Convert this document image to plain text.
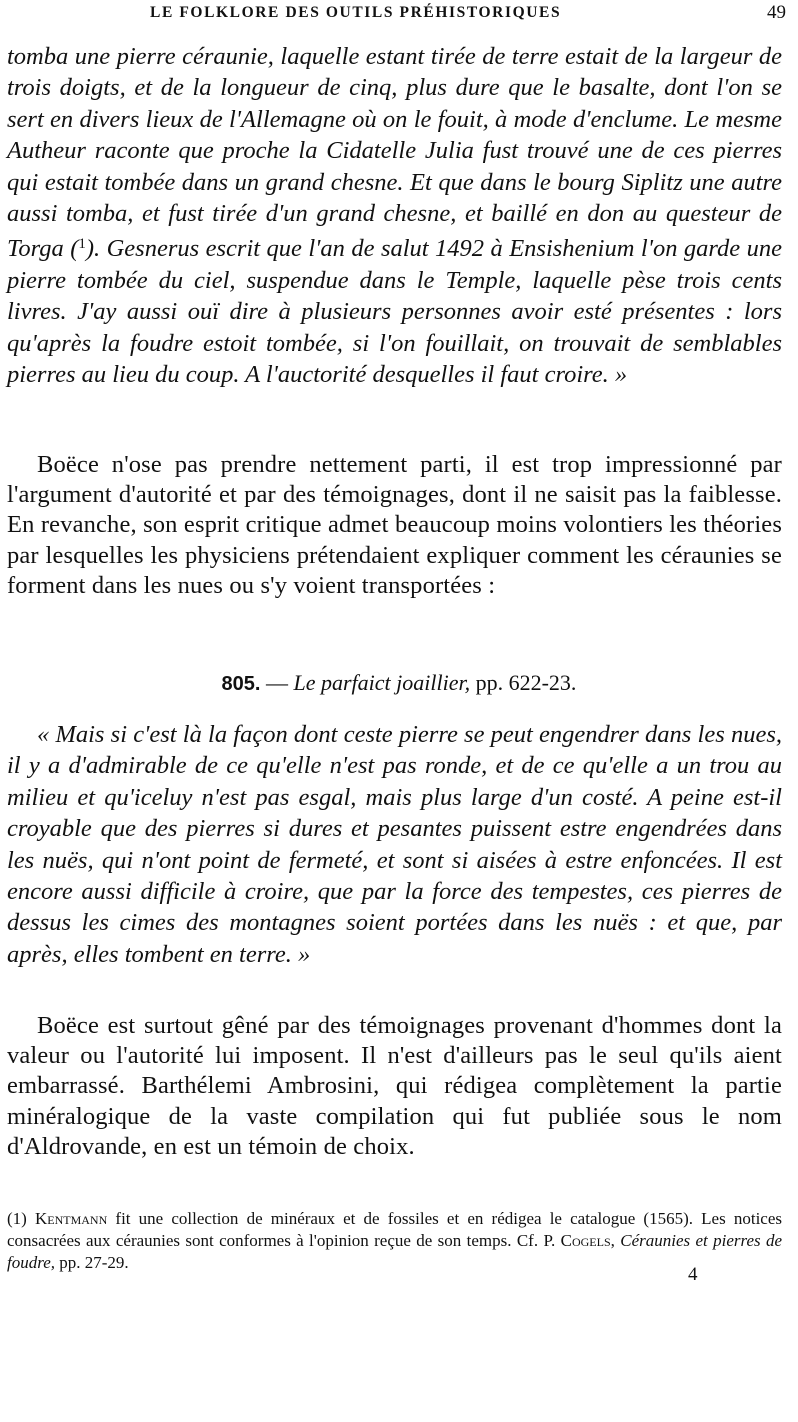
LE FOLKLORE DES OUTILS PRÉHISTORIQUES	49

tomba une pierre céraunie, laquelle estant tirée de terre estait de la largeur de trois doigts, et de la longueur de cinq, plus dure que le basalte, dont l'on se sert en divers lieux de l'Allemagne où on le fouit, à mode d'enclume. Le mesme Autheur raconte que proche la Cidatelle Julia fust trouvé une de ces pierres qui estait tombée dans un grand chesne. Et que dans le bourg Siplitz une autre aussi tomba, et fust tirée d'un grand chesne, et baillé en don au questeur de Torga ($^1$). Gesnerus escrit que l'an de salut 1492 à Ensishenium l'on garde une pierre tombée du ciel, suspendue dans le Temple, laquelle pèse trois cents livres. J'ay aussi ouï dire à plusieurs personnes avoir esté présentes : lors qu'après la foudre estoit tombée, si l'on fouillait, on trouvait de semblables pierres au lieu du coup. A l'auctorité desquelles il faut croire. »

Boëce n'ose pas prendre nettement parti, il est trop impressionné par l'argument d'autorité et par des témoignages, dont il ne saisit pas la faiblesse. En revanche, son esprit critique admet beaucoup moins volontiers les théories par lesquelles les physiciens prétendaient expliquer comment les céraunies se forment dans les nues ou s'y voient transportées :

805. — Le parfaict joaillier, pp. 622-23.

« Mais si c'est là la façon dont ceste pierre se peut engendrer dans les nues, il y a d'admirable de ce qu'elle n'est pas ronde, et de ce qu'elle a un trou au milieu et qu'iceluy n'est pas esgal, mais plus large d'un costé. A peine est-il croyable que des pierres si dures et pesantes puissent estre engendrées dans les nuës, qui n'ont point de fermeté, et sont si aisées à estre enfoncées. Il est encore aussi difficile à croire, que par la force des tempestes, ces pierres de dessus les cimes des montagnes soient portées dans les nuës : et que, par après, elles tombent en terre. »

Boëce est surtout gêné par des témoignages provenant d'hommes dont la valeur ou l'autorité lui imposent. Il n'est d'ailleurs pas le seul qu'ils aient embarrassé. Barthélemi Ambrosini, qui rédigea complètement la partie minéralogique de la vaste compilation qui fut publiée sous le nom d'Aldrovande, en est un témoin de choix.

(1) Kentmann fit une collection de minéraux et de fossiles et en rédigea le catalogue (1565). Les notices consacrées aux céraunies sont conformes à l'opinion reçue de son temps. Cf. P. Cogels, Céraunies et pierres de foudre, pp. 27-29.

4
